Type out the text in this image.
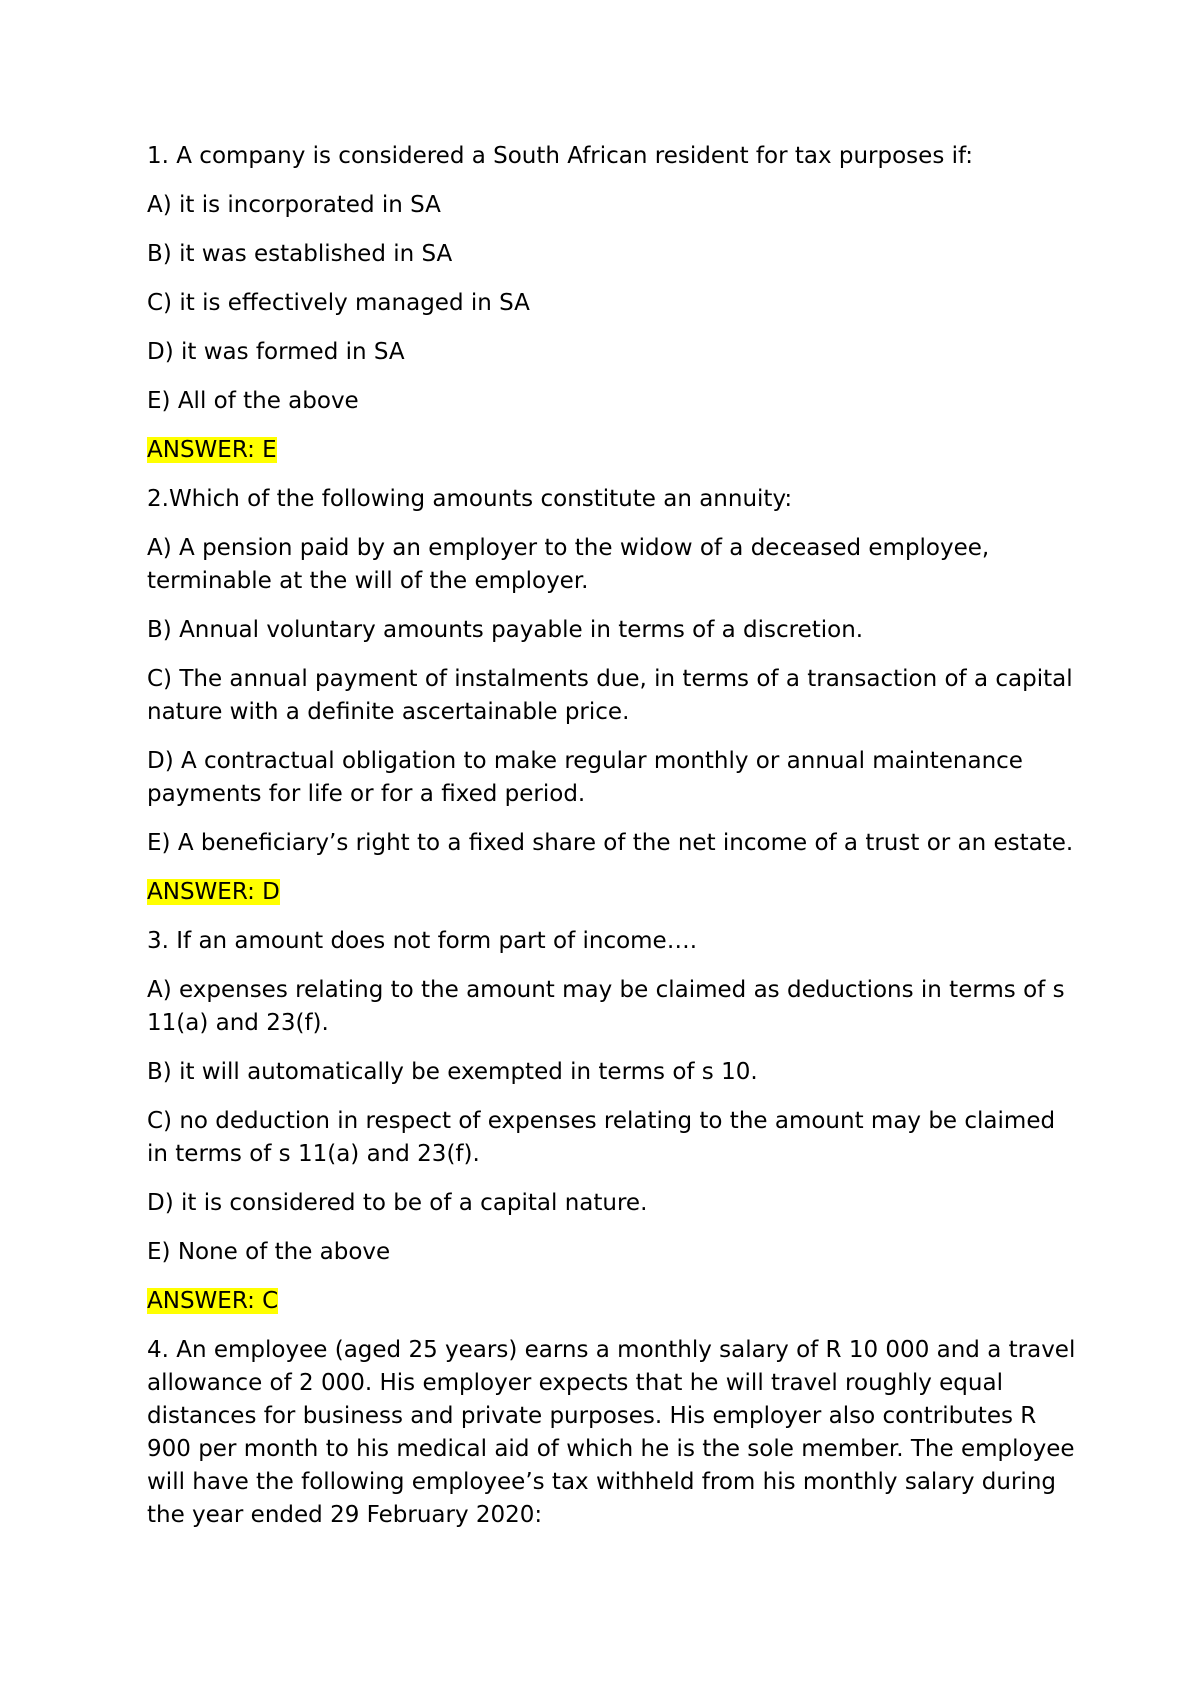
1. A company is considered a South African resident for tax purposes if:
A) it is incorporated in SA
B) it was established in SA
C) it is effectively managed in SA
D) it was formed in SA
E) All of the above
ANSWER: E
2.Which of the following amounts constitute an annuity:
A) A pension paid by an employer to the widow of a deceased employee, terminable at the will of the employer.
B) Annual voluntary amounts payable in terms of a discretion.
C) The annual payment of instalments due, in terms of a transaction of a capital nature with a definite ascertainable price.
D) A contractual obligation to make regular monthly or annual maintenance payments for life or for a fixed period.
E) A beneficiary’s right to a fixed share of the net income of a trust or an estate.
ANSWER: D
3. If an amount does not form part of income….
A) expenses relating to the amount may be claimed as deductions in terms of s 11(a) and 23(f).
B) it will automatically be exempted in terms of s 10.
C) no deduction in respect of expenses relating to the amount may be claimed in terms of s 11(a) and 23(f).
D) it is considered to be of a capital nature.
E) None of the above
ANSWER: C
4. An employee (aged 25 years) earns a monthly salary of R 10 000 and a travel allowance of 2 000. His employer expects that he will travel roughly equal distances for business and private purposes. His employer also contributes R 900 per month to his medical aid of which he is the sole member. The employee will have the following employee’s tax withheld from his monthly salary during the year ended 29 February 2020:
